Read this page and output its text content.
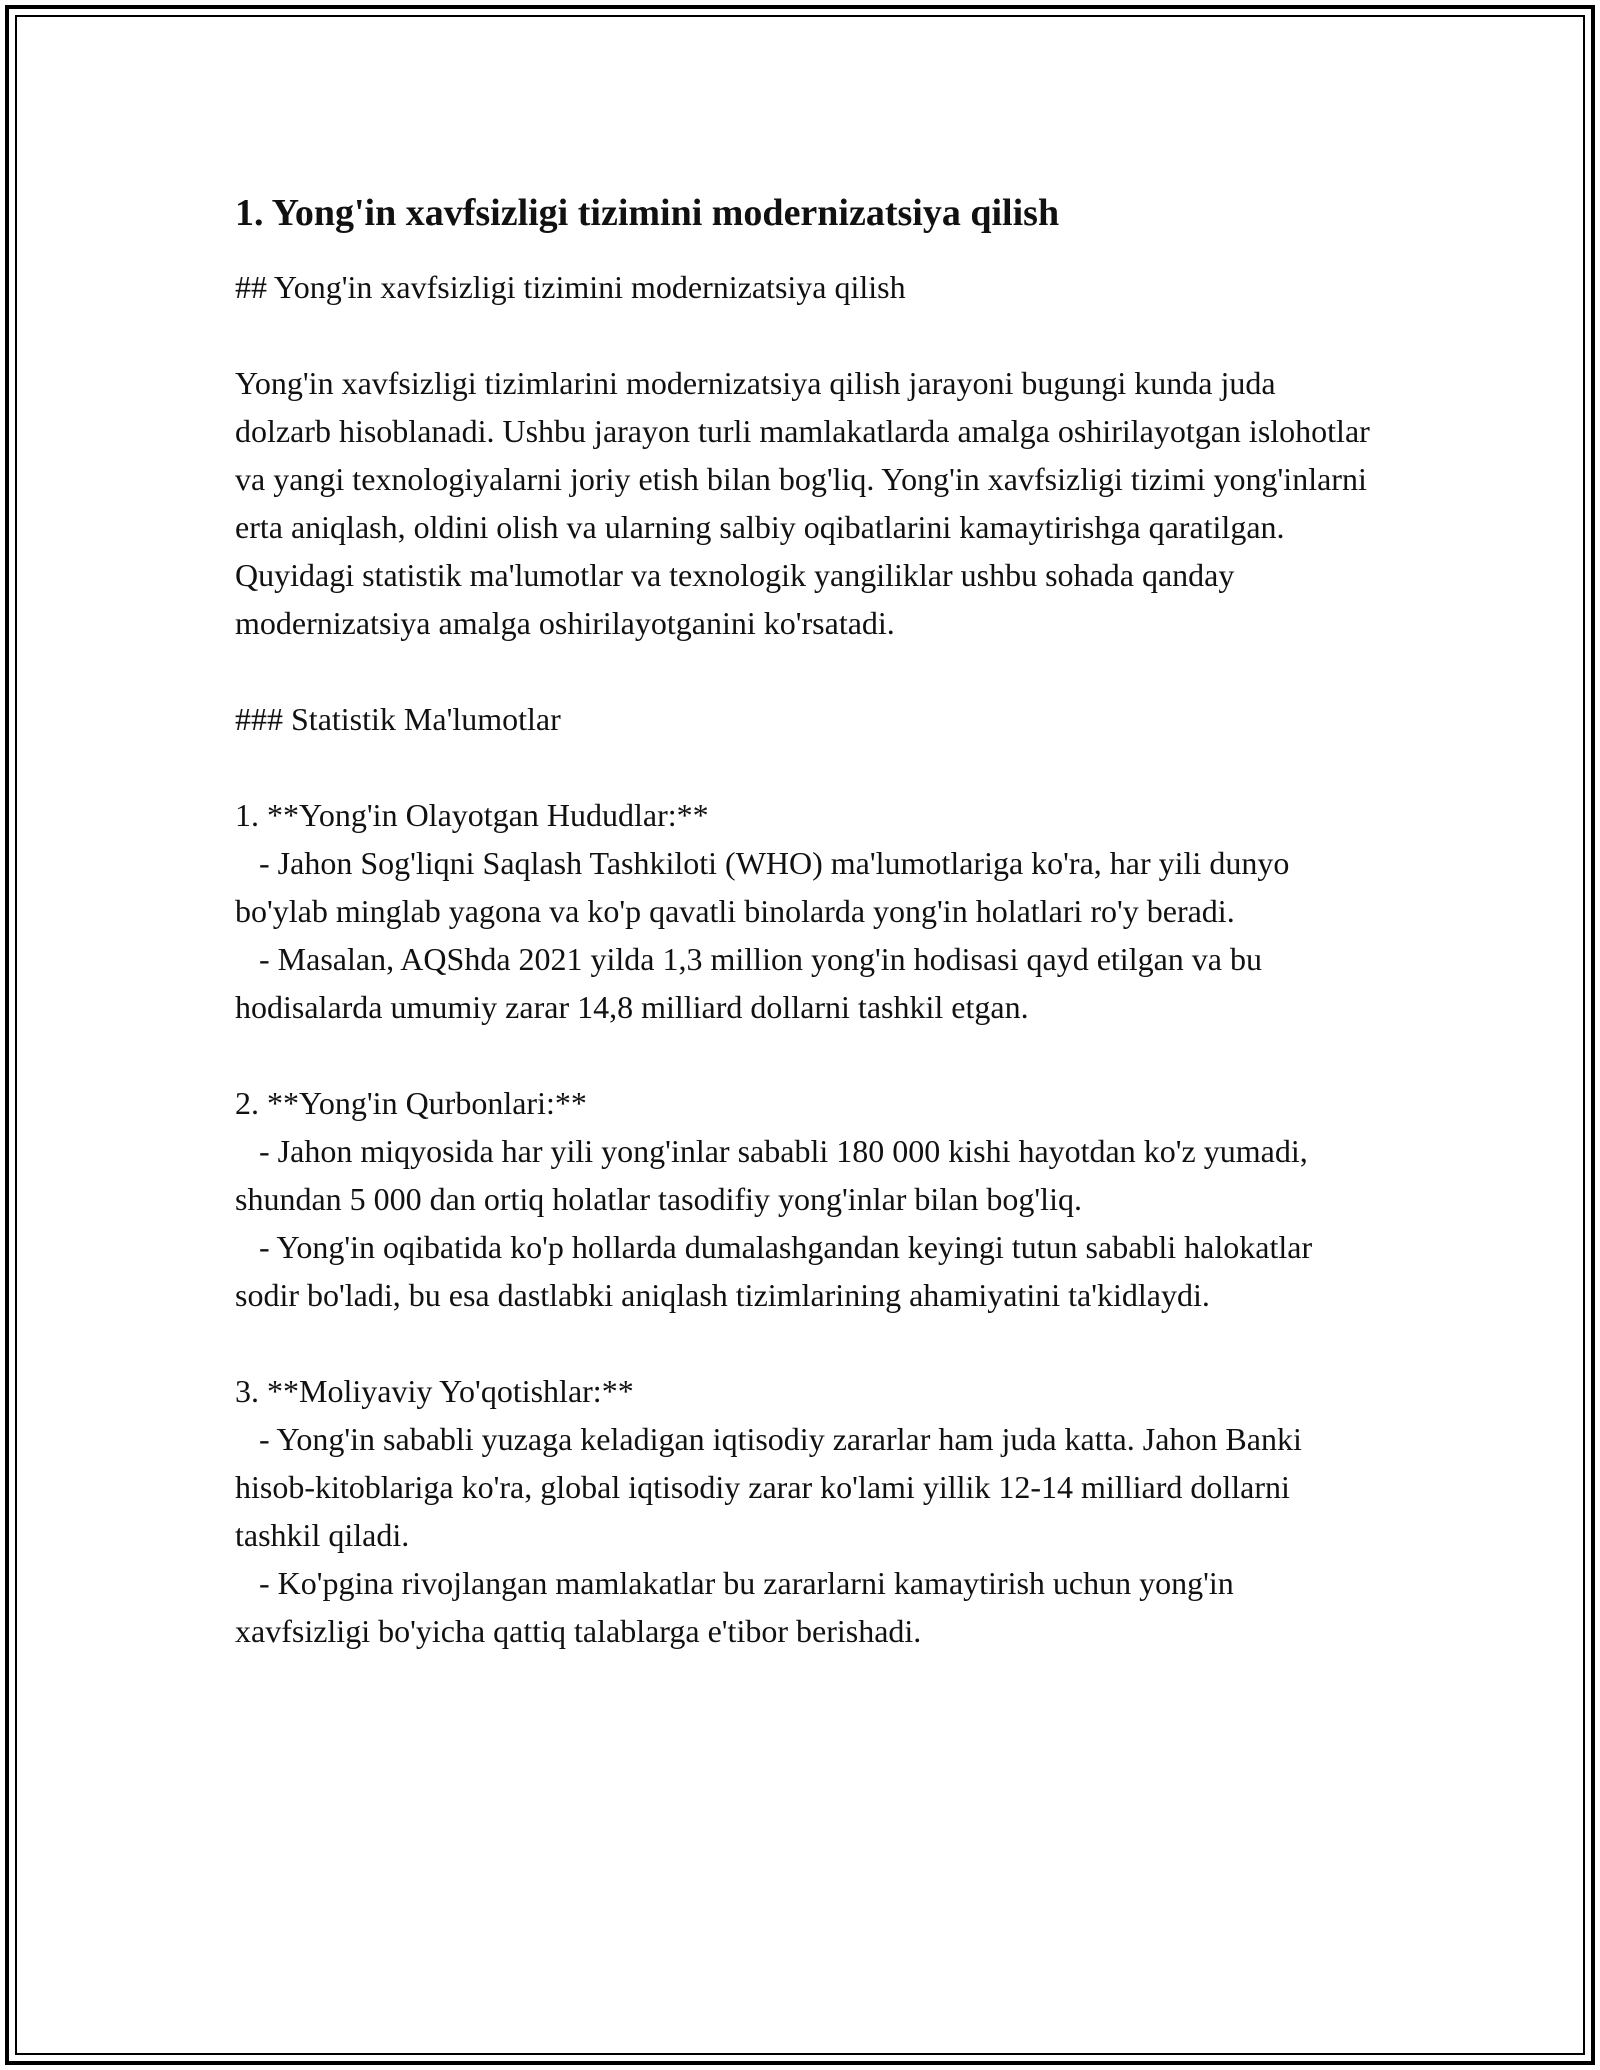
1. Yong'in xavfsizligi tizimini modernizatsiya qilish

## Yong'in xavfsizligi tizimini modernizatsiya qilish

Yong'in xavfsizligi tizimlarini modernizatsiya qilish jarayoni bugungi kunda juda dolzarb hisoblanadi. Ushbu jarayon turli mamlakatlarda amalga oshirilayotgan islohotlar va yangi texnologiyalarni joriy etish bilan bog'liq. Yong'in xavfsizligi tizimi yong'inlarni erta aniqlash, oldini olish va ularning salbiy oqibatlarini kamaytirishga qaratilgan. Quyidagi statistik ma'lumotlar va texnologik yangiliklar ushbu sohada qanday modernizatsiya amalga oshirilayotganini ko'rsatadi.

### Statistik Ma'lumotlar

1. **Yong'in Olayotgan Hududlar:**

- Jahon Sog'liqni Saqlash Tashkiloti (WHO) ma'lumotlariga ko'ra, har yili dunyo bo'ylab minglab yagona va ko'p qavatli binolarda yong'in holatlari ro'y beradi.

- Masalan, AQShda 2021 yilda 1,3 million yong'in hodisasi qayd etilgan va bu hodisalarda umumiy zarar 14,8 milliard dollarni tashkil etgan.

2. **Yong'in Qurbonlari:**

- Jahon miqyosida har yili yong'inlar sababli 180 000 kishi hayotdan ko'z yumadi, shundan 5 000 dan ortiq holatlar tasodifiy yong'inlar bilan bog'liq.

- Yong'in oqibatida ko'p hollarda dumalashgandan keyingi tutun sababli halokatlar sodir bo'ladi, bu esa dastlabki aniqlash tizimlarining ahamiyatini ta'kidlaydi.

3. **Moliyaviy Yo'qotishlar:**

- Yong'in sababli yuzaga keladigan iqtisodiy zararlar ham juda katta. Jahon Banki hisob-kitoblariga ko'ra, global iqtisodiy zarar ko'lami yillik 12-14 milliard dollarni tashkil qiladi.

- Ko'pgina rivojlangan mamlakatlar bu zararlarni kamaytirish uchun yong'in xavfsizligi bo'yicha qattiq talablarga e'tibor berishadi.
